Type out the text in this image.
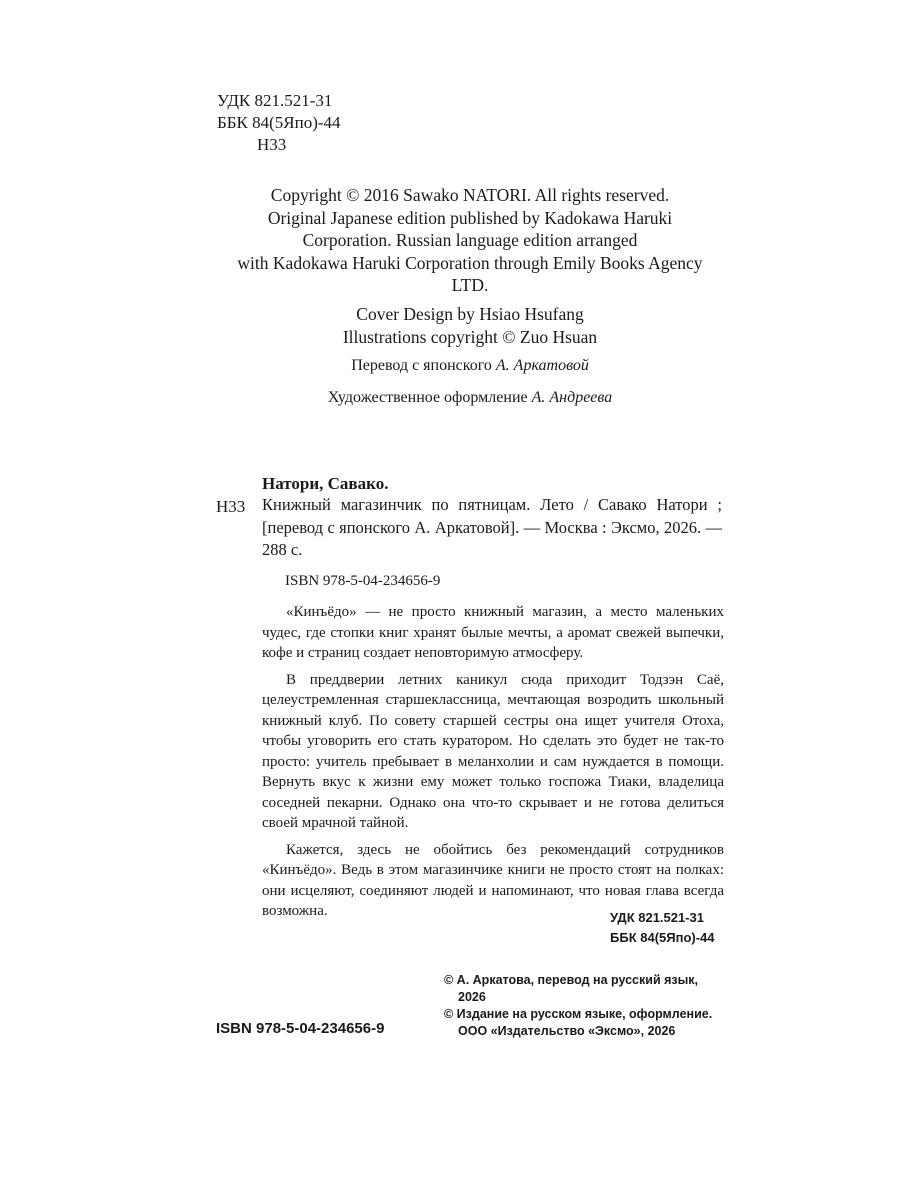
УДК 821.521-31
ББК 84(5Япо)-44
Н33
Copyright © 2016 Sawako NATORI. All rights reserved.
Original Japanese edition published by Kadokawa Haruki
Corporation. Russian language edition arranged
with Kadokawa Haruki Corporation through Emily Books Agency
LTD.
Cover Design by Hsiao Hsufang
Illustrations copyright © Zuo Hsuan
Перевод с японского А. Аркатовой
Художественное оформление А. Андреева
Натори, Савако.
Н33 Книжный магазинчик по пятницам. Лето / Савако Натори ; [перевод с японского А. Аркатовой]. — Москва : Эксмо, 2026. — 288 с.
ISBN 978-5-04-234656-9

«Кинъёдо» — не просто книжный магазин, а место маленьких чудес, где стопки книг хранят былые мечты, а аромат свежей выпечки, кофе и страниц создает неповторимую атмосферу.

В преддверии летних каникул сюда приходит Тодзэн Саё, целеустремленная старшеклассница, мечтающая возродить школьный книжный клуб. По совету старшей сестры она ищет учителя Отоха, чтобы уговорить его стать куратором. Но сделать это будет не так-то просто: учитель пребывает в меланхолии и сам нуждается в помощи. Вернуть вкус к жизни ему может только госпожа Тиаки, владелица соседней пекарни. Однако она что-то скрывает и не готова делиться своей мрачной тайной.

Кажется, здесь не обойтись без рекомендаций сотрудников «Кинъёдо». Ведь в этом магазинчике книги не просто стоят на полках: они исцеляют, соединяют людей и напоминают, что новая глава всегда возможна.	УДК 821.521-31
ББК 84(5Япо)-44
© А. Аркатова, перевод на русский язык,
2026
© Издание на русском языке, оформление.
ООО «Издательство «Эксмо», 2026
ISBN 978-5-04-234656-9
